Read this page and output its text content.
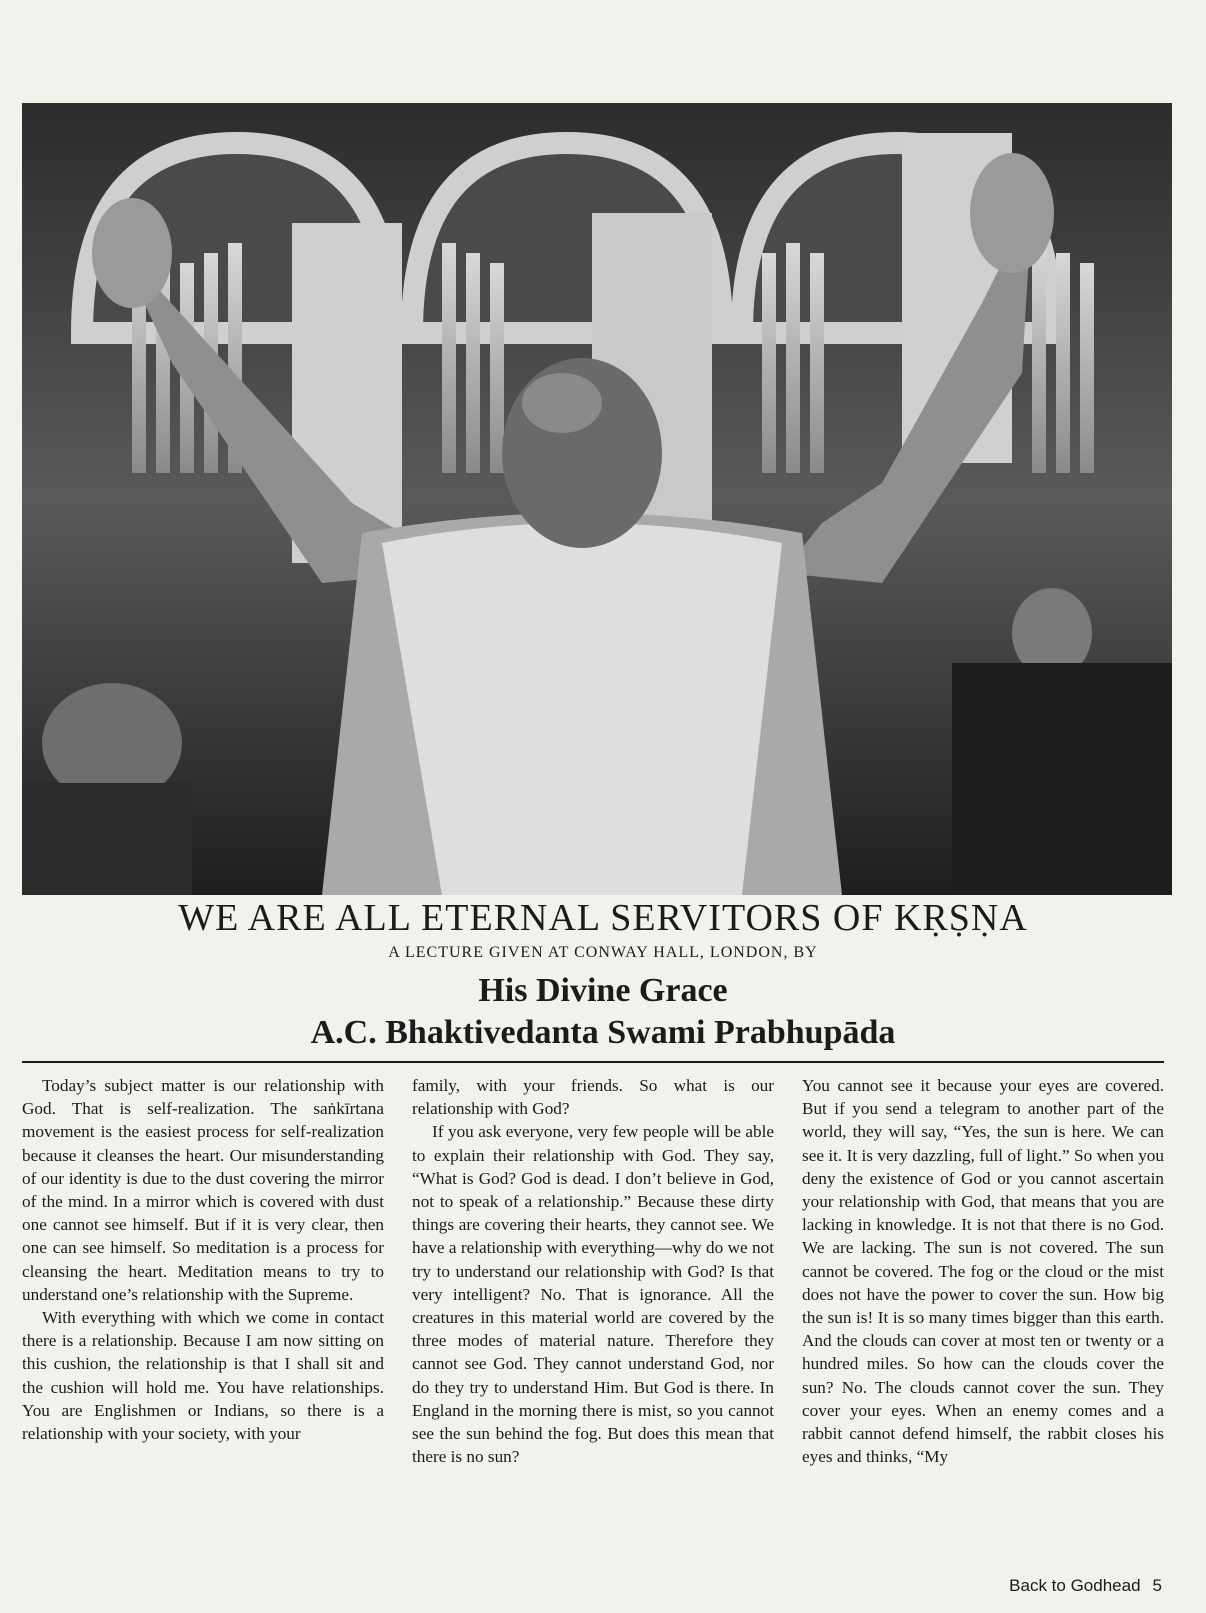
WE ARE ALL ETERNAL SERVITORS OF KṚṢṆA
A LECTURE GIVEN AT CONWAY HALL, LONDON, BY
His Divine Grace
A.C. Bhaktivedanta Swami Prabhupāda

Today’s subject matter is our relationship with God. That is self-realization. The saṅkīrtana movement is the easiest process for self-realization because it cleanses the heart. Our misunderstanding of our identity is due to the dust covering the mirror of the mind. In a mirror which is covered with dust one cannot see himself. But if it is very clear, then one can see himself. So meditation is a process for cleansing the heart. Meditation means to try to understand one’s relationship with the Supreme.

With everything with which we come in contact there is a relationship. Because I am now sitting on this cushion, the relationship is that I shall sit and the cushion will hold me. You have relationships. You are Englishmen or Indians, so there is a relationship with your society, with your

family, with your friends. So what is our relationship with God?

If you ask everyone, very few people will be able to explain their relationship with God. They say, “What is God? God is dead. I don’t believe in God, not to speak of a relationship.” Because these dirty things are covering their hearts, they cannot see. We have a relationship with everything—why do we not try to understand our relationship with God? Is that very intelligent? No. That is ignorance. All the creatures in this material world are covered by the three modes of material nature. Therefore they cannot see God. They cannot understand God, nor do they try to understand Him. But God is there. In England in the morning there is mist, so you cannot see the sun behind the fog. But does this mean that there is no sun?

You cannot see it because your eyes are covered. But if you send a telegram to another part of the world, they will say, “Yes, the sun is here. We can see it. It is very dazzling, full of light.” So when you deny the existence of God or you cannot ascertain your relationship with God, that means that you are lacking in knowledge. It is not that there is no God. We are lacking. The sun is not covered. The sun cannot be covered. The fog or the cloud or the mist does not have the power to cover the sun. How big the sun is! It is so many times bigger than this earth. And the clouds can cover at most ten or twenty or a hundred miles. So how can the clouds cover the sun? No. The clouds cannot cover the sun. They cover your eyes. When an enemy comes and a rabbit cannot defend himself, the rabbit closes his eyes and thinks, “My

Back to Godhead 5
